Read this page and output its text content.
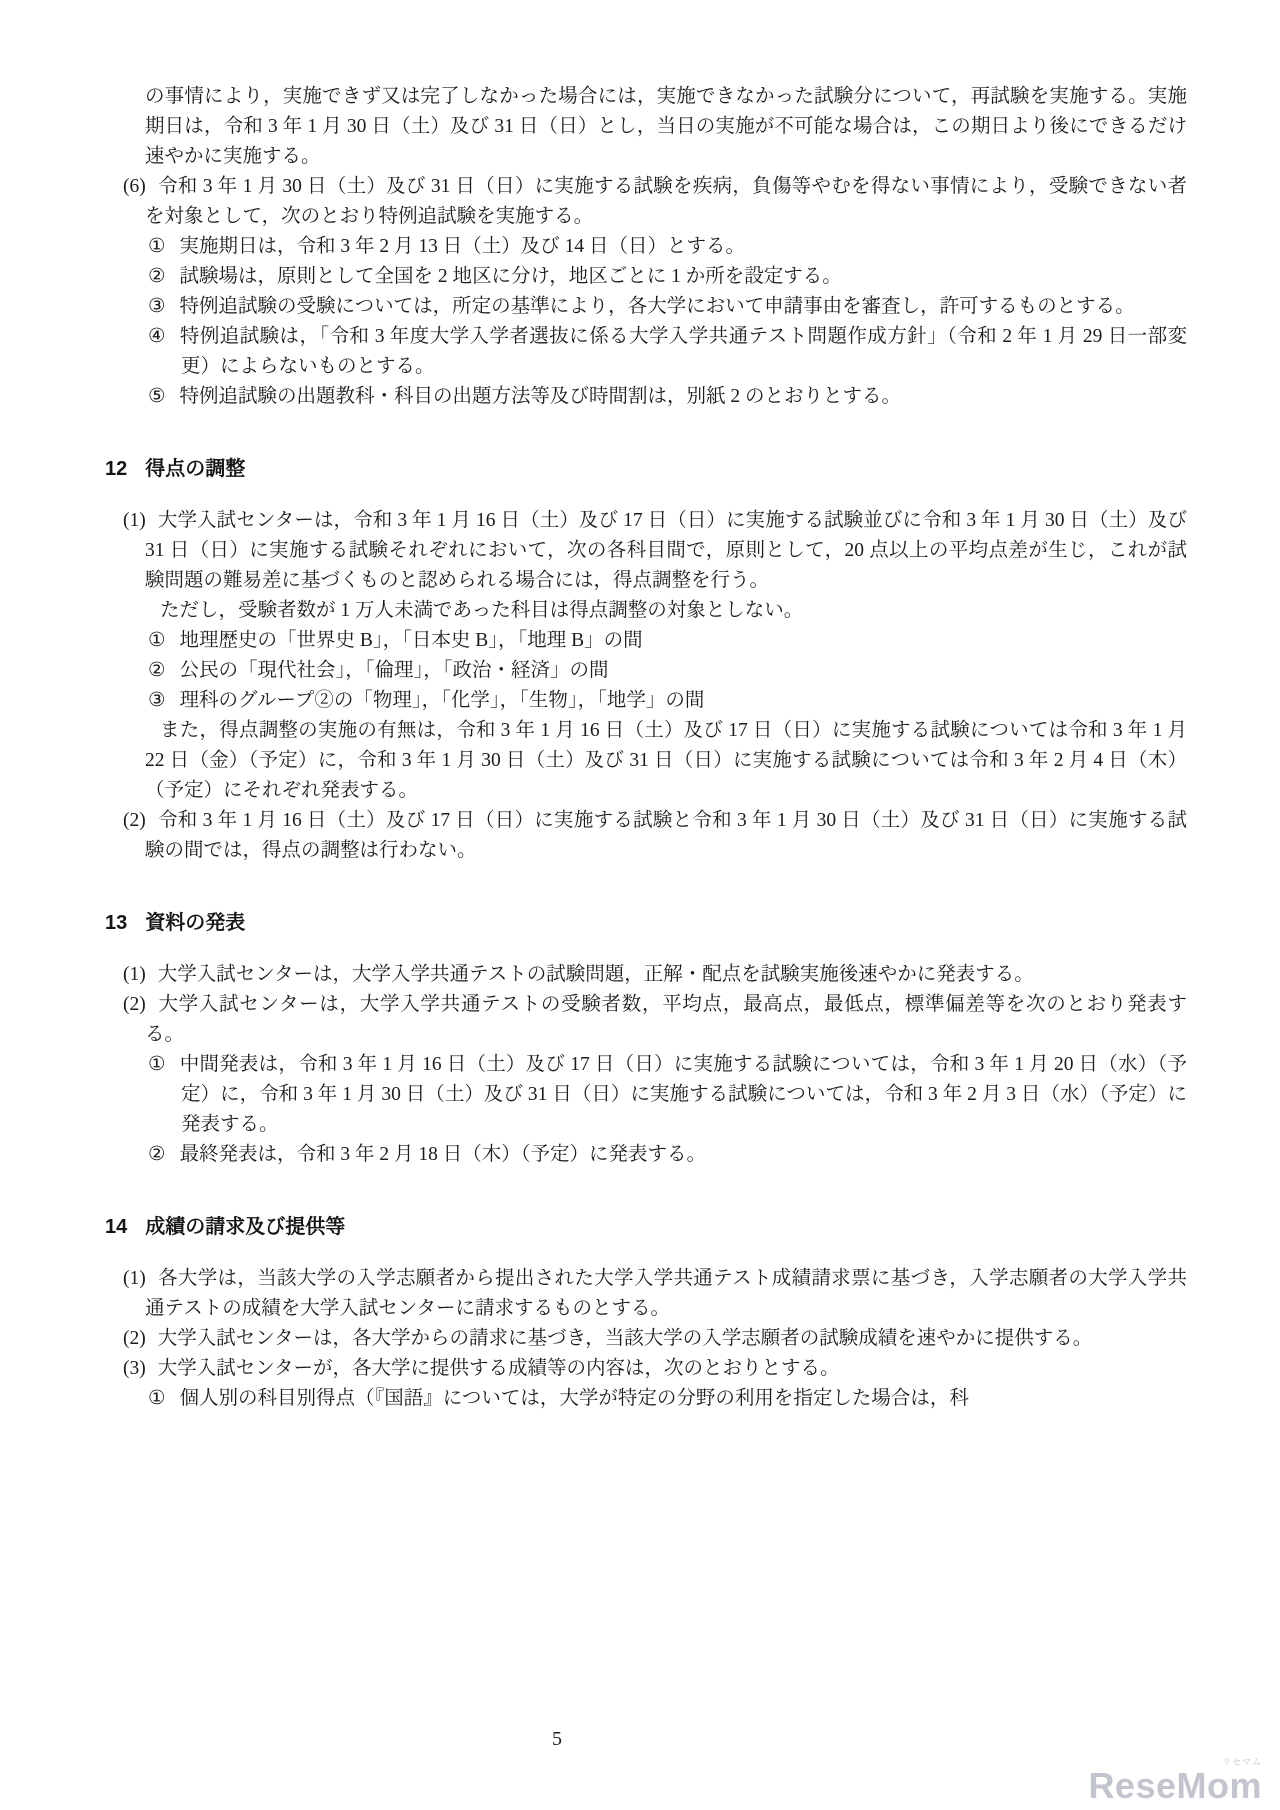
の事情により，実施できず又は完了しなかった場合には，実施できなかった試験分について，再試験を実施する。実施期日は，令和 3 年 1 月 30 日（土）及び 31 日（日）とし，当日の実施が不可能な場合は，この期日より後にできるだけ速やかに実施する。

(6) 令和 3 年 1 月 30 日（土）及び 31 日（日）に実施する試験を疾病，負傷等やむを得ない事情により，受験できない者を対象として，次のとおり特例追試験を実施する。

① 実施期日は，令和 3 年 2 月 13 日（土）及び 14 日（日）とする。

② 試験場は，原則として全国を 2 地区に分け，地区ごとに 1 か所を設定する。

③ 特例追試験の受験については，所定の基準により，各大学において申請事由を審査し，許可するものとする。

④ 特例追試験は，「令和 3 年度大学入学者選抜に係る大学入学共通テスト問題作成方針」（令和 2 年 1 月 29 日一部変更）によらないものとする。

⑤ 特例追試験の出題教科・科目の出題方法等及び時間割は，別紙 2 のとおりとする。

12 得点の調整

(1) 大学入試センターは，令和 3 年 1 月 16 日（土）及び 17 日（日）に実施する試験並びに令和 3 年 1 月 30 日（土）及び 31 日（日）に実施する試験それぞれにおいて，次の各科目間で，原則として，20 点以上の平均点差が生じ，これが試験問題の難易差に基づくものと認められる場合には，得点調整を行う。

ただし，受験者数が 1 万人未満であった科目は得点調整の対象としない。

① 地理歴史の「世界史 B」，「日本史 B」，「地理 B」の間

② 公民の「現代社会」，「倫理」，「政治・経済」の間

③ 理科のグループ②の「物理」，「化学」，「生物」，「地学」の間

また，得点調整の実施の有無は，令和 3 年 1 月 16 日（土）及び 17 日（日）に実施する試験については令和 3 年 1 月 22 日（金）（予定）に，令和 3 年 1 月 30 日（土）及び 31 日（日）に実施する試験については令和 3 年 2 月 4 日（木）（予定）にそれぞれ発表する。

(2) 令和 3 年 1 月 16 日（土）及び 17 日（日）に実施する試験と令和 3 年 1 月 30 日（土）及び 31 日（日）に実施する試験の間では，得点の調整は行わない。

13 資料の発表

(1) 大学入試センターは，大学入学共通テストの試験問題，正解・配点を試験実施後速やかに発表する。

(2) 大学入試センターは，大学入学共通テストの受験者数，平均点，最高点，最低点，標準偏差等を次のとおり発表する。

① 中間発表は，令和 3 年 1 月 16 日（土）及び 17 日（日）に実施する試験については，令和 3 年 1 月 20 日（水）（予定）に，令和 3 年 1 月 30 日（土）及び 31 日（日）に実施する試験については，令和 3 年 2 月 3 日（水）（予定）に発表する。

② 最終発表は，令和 3 年 2 月 18 日（木）（予定）に発表する。

14 成績の請求及び提供等

(1) 各大学は，当該大学の入学志願者から提出された大学入学共通テスト成績請求票に基づき，入学志願者の大学入学共通テストの成績を大学入試センターに請求するものとする。

(2) 大学入試センターは，各大学からの請求に基づき，当該大学の入学志願者の試験成績を速やかに提供する。

(3) 大学入試センターが，各大学に提供する成績等の内容は，次のとおりとする。

① 個人別の科目別得点（『国語』については，大学が特定の分野の利用を指定した場合は，科

5
リセマム
ReseMom
